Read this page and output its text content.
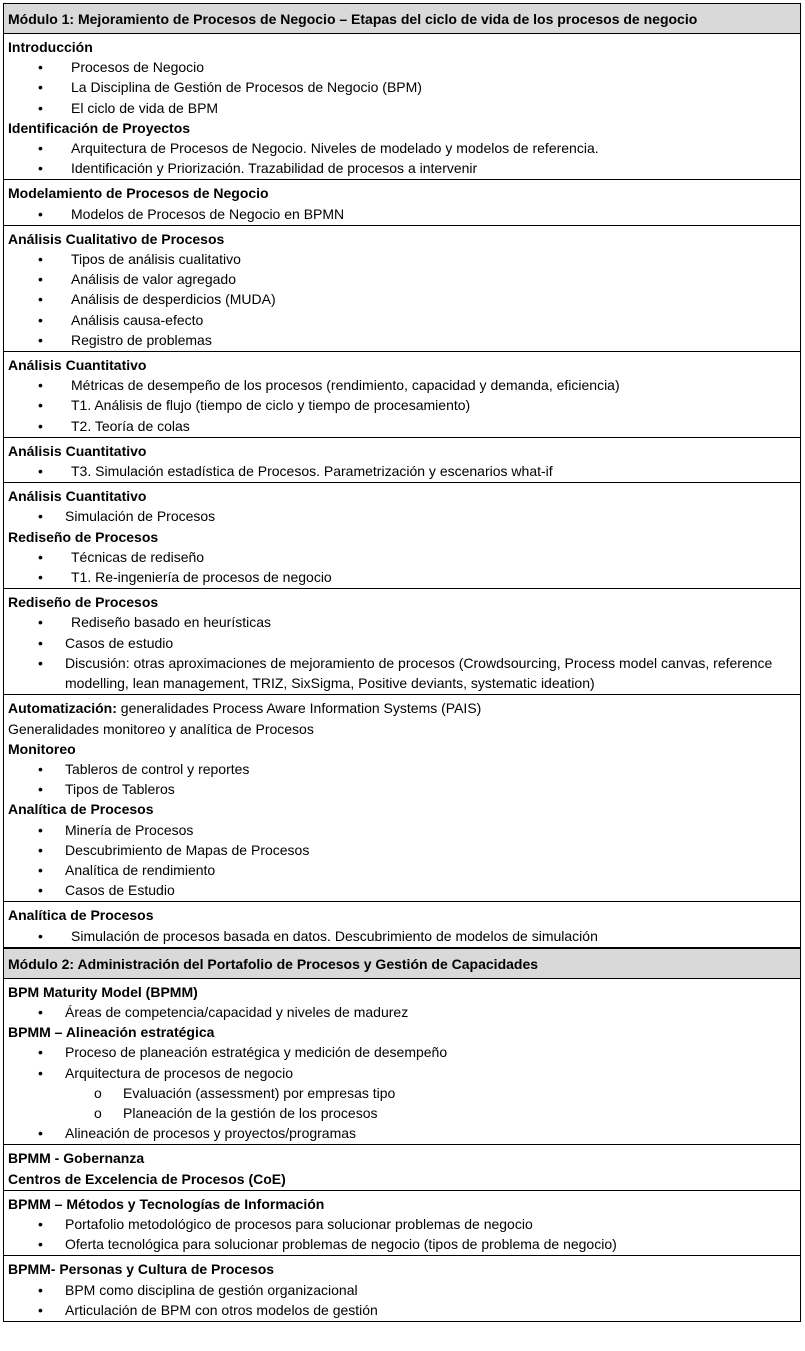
Módulo 1: Mejoramiento de Procesos de Negocio – Etapas del ciclo de vida de los procesos de negocio
Introducción
•	Procesos de Negocio
•	La Disciplina de Gestión de Procesos de Negocio (BPM)
•	El ciclo de vida de BPM
Identificación de Proyectos
•	Arquitectura de Procesos de Negocio. Niveles de modelado y modelos de referencia.
•	Identificación y Priorización. Trazabilidad de procesos a intervenir
Modelamiento de Procesos de Negocio
•	Modelos de Procesos de Negocio en BPMN
Análisis Cualitativo de Procesos
•	Tipos de análisis cualitativo
•	Análisis de valor agregado
•	Análisis de desperdicios (MUDA)
•	Análisis causa-efecto
•	Registro de problemas
Análisis Cuantitativo
•	Métricas de desempeño de los procesos (rendimiento, capacidad y demanda, eficiencia)
•	T1. Análisis de flujo (tiempo de ciclo y tiempo de procesamiento)
•	T2. Teoría de colas
Análisis Cuantitativo
•	T3. Simulación estadística de Procesos. Parametrización y escenarios what-if
Análisis Cuantitativo
•	Simulación de Procesos
Rediseño de Procesos
•	Técnicas de rediseño
•	T1. Re-ingeniería de procesos de negocio
Rediseño de Procesos
•	Rediseño basado en heurísticas
•	Casos de estudio
•	Discusión: otras aproximaciones de mejoramiento de procesos (Crowdsourcing, Process model canvas, reference modelling, lean management, TRIZ, SixSigma, Positive deviants, systematic ideation)
Automatización: generalidades Process Aware Information Systems (PAIS)
Generalidades monitoreo y analítica de Procesos
Monitoreo
•	Tableros de control y reportes
•	Tipos de Tableros
Analítica de Procesos
•	Minería de Procesos
•	Descubrimiento de Mapas de Procesos
•	Analítica de rendimiento
•	Casos de Estudio
Analítica de Procesos
•	Simulación de procesos basada en datos. Descubrimiento de modelos de simulación
Módulo 2: Administración del Portafolio de Procesos y Gestión de Capacidades
BPM Maturity Model (BPMM)
•	Áreas de competencia/capacidad y niveles de madurez
BPMM – Alineación estratégica
•	Proceso de planeación estratégica y medición de desempeño
•	Arquitectura de procesos de negocio
o	Evaluación (assessment) por empresas tipo
o	Planeación de la gestión de los procesos
•	Alineación de procesos y proyectos/programas
BPMM - Gobernanza
Centros de Excelencia de Procesos (CoE)
BPMM – Métodos y Tecnologías de Información
•	Portafolio metodológico de procesos para solucionar problemas de negocio
•	Oferta tecnológica para solucionar problemas de negocio (tipos de problema de negocio)
BPMM- Personas y Cultura de Procesos
•	BPM como disciplina de gestión organizacional
•	Articulación de BPM con otros modelos de gestión
